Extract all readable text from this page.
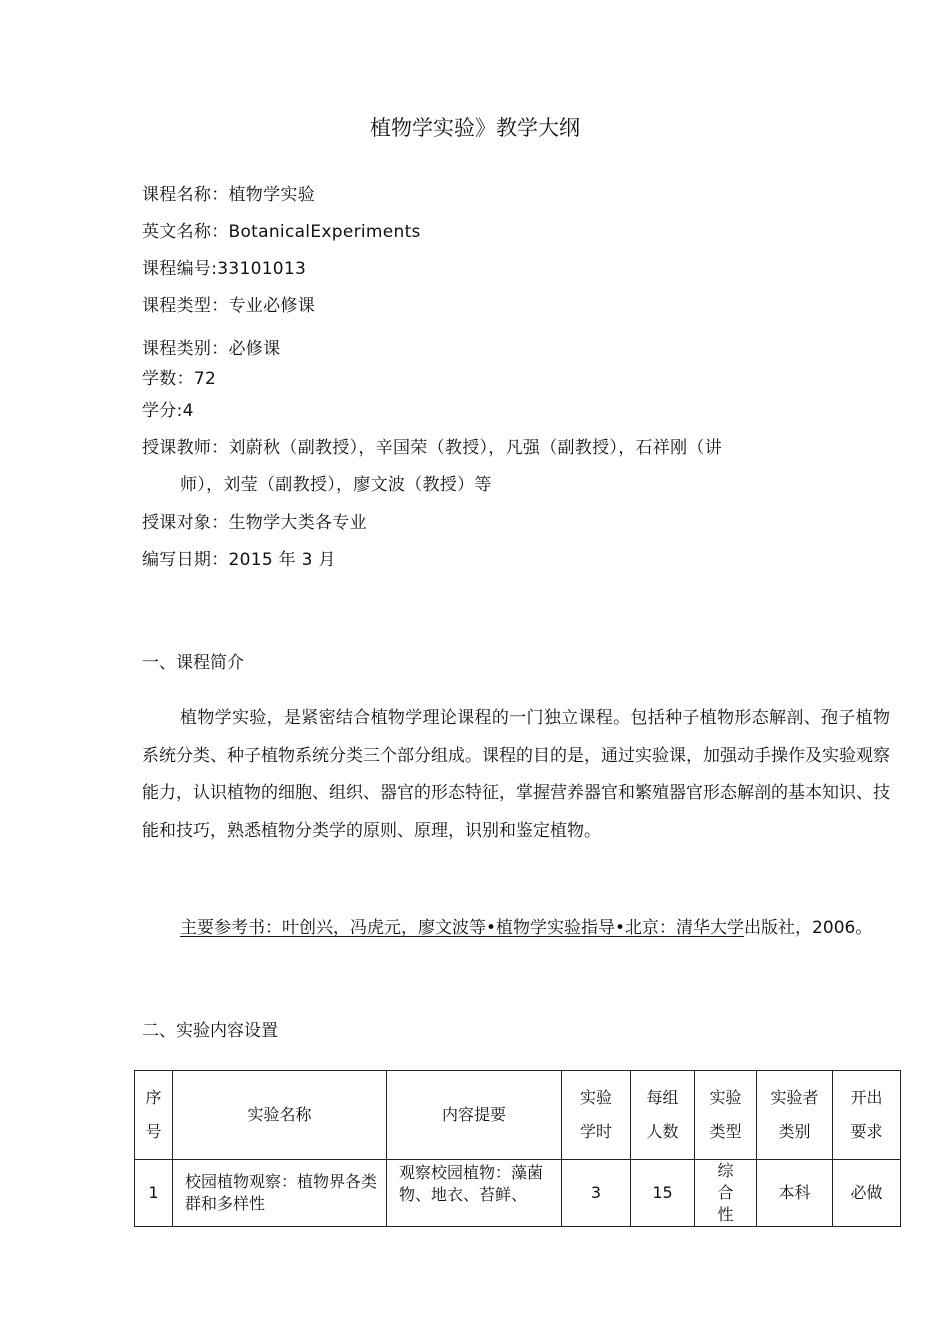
植物学实验》教学大纲
课程名称：植物学实验
英文名称：BotanicalExperiments
课程编号:33101013
课程类型：专业必修课
课程类别：必修课
学数：72
学分:4
授课教师：刘蔚秋（副教授），辛国荣（教授），凡强（副教授），石祥刚（讲
师），刘莹（副教授），廖文波（教授）等
授课对象：生物学大类各专业
编写日期：2015 年 3 月
一、课程简介
植物学实验，是紧密结合植物学理论课程的一门独立课程。包括种子植物形态解剖、孢子植物系统分类、种子植物系统分类三个部分组成。课程的目的是，通过实验课，加强动手操作及实验观察能力，认识植物的细胞、组织、器官的形态特征，掌握营养器官和繁殖器官形态解剖的基本知识、技能和技巧，熟悉植物分类学的原则、原理，识别和鉴定植物。
主要参考书：叶创兴，冯虎元，廖文波等•植物学实验指导•北京：清华大学出版社，2006。
二、实验内容设置
序号	实验名称	内容提要	实验学时	每组人数	实验类型	实验者类别	开出要求
1	校园植物观察：植物界各类群和多样性	观察校园植物：藻菌物、地衣、苔鲜、	3	15	综合性	本科	必做
